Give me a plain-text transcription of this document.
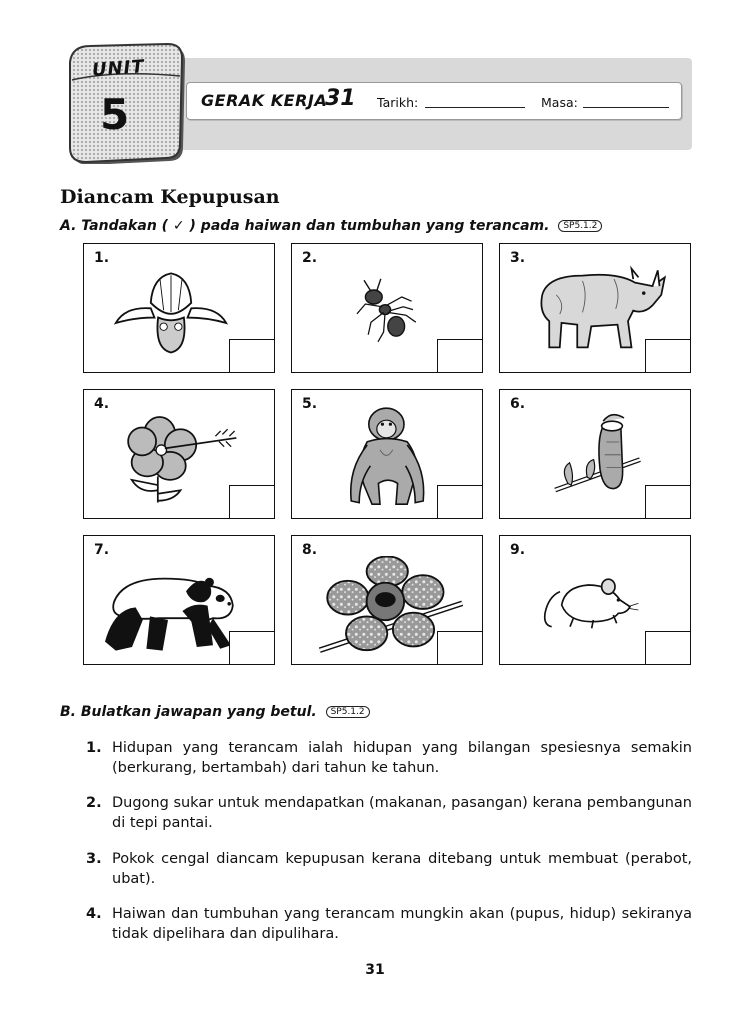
GERAK KERJA
31 Tarikh:	Masa:
UNIT
5
Diancam Kepupusan
A. Tandakan ( ✓ ) pada haiwan dan tumbuhan yang terancam. SP5.1.2
1.	2.	3.
4.	5.	6.
7.	8.	9.
B. Bulatkan jawapan yang betul. SP5.1.2
1. Hidupan yang terancam ialah hidupan yang bilangan spesiesnya semakin (berkurang, bertambah) dari tahun ke tahun.
2. Dugong sukar untuk mendapatkan (makanan, pasangan) kerana pembangunan di tepi pantai.
3. Pokok cengal diancam kepupusan kerana ditebang untuk membuat (perabot, ubat).
4. Haiwan dan tumbuhan yang terancam mungkin akan (pupus, hidup) sekiranya tidak dipelihara dan dipulihara.
31
